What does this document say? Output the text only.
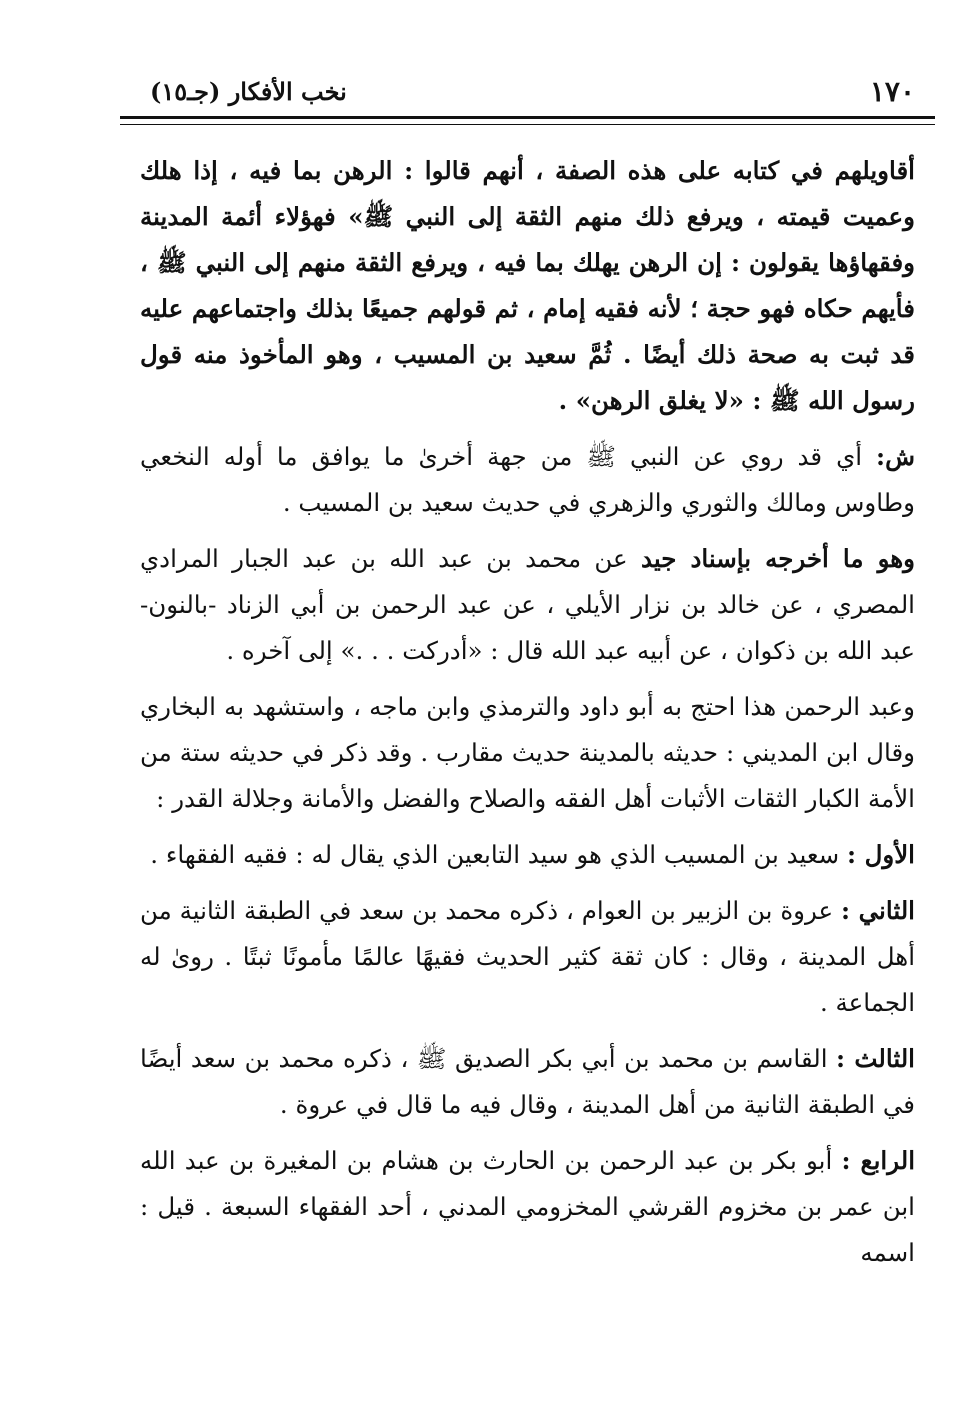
١٧٠
نخب الأفكار (جـ١٥)

أقاويلهم في كتابه على هذه الصفة ، أنهم قالوا : الرهن بما فيه ، إذا هلك وعميت قيمته ، ويرفع ذلك منهم الثقة إلى النبي ﷺ» فهؤلاء أئمة المدينة وفقهاؤها يقولون : إن الرهن يهلك بما فيه ، ويرفع الثقة منهم إلى النبي ﷺ ، فأيهم حكاه فهو حجة ؛ لأنه فقيه إمام ، ثم قولهم جميعًا بذلك واجتماعهم عليه قد ثبت به صحة ذلك أيضًا . ثُمَّ سعيد بن المسيب ، وهو المأخوذ منه قول رسول الله ﷺ : «لا يغلق الرهن» .

ش: أي قد روي عن النبي ﷺ من جهة أخرىٰ ما يوافق ما أوله النخعي وطاوس ومالك والثوري والزهري في حديث سعيد بن المسيب .

وهو ما أخرجه بإسناد جيد عن محمد بن عبد الله بن عبد الجبار المرادي المصري ، عن خالد بن نزار الأيلي ، عن عبد الرحمن بن أبي الزناد -بالنون- عبد الله بن ذكوان ، عن أبيه عبد الله قال : «أدركت . . .» إلى آخره .

وعبد الرحمن هذا احتج به أبو داود والترمذي وابن ماجه ، واستشهد به البخاري وقال ابن المديني : حديثه بالمدينة حديث مقارب . وقد ذكر في حديثه ستة من الأمة الكبار الثقات الأثبات أهل الفقه والصلاح والفضل والأمانة وجلالة القدر :

الأول : سعيد بن المسيب الذي هو سيد التابعين الذي يقال له : فقيه الفقهاء .

الثاني : عروة بن الزبير بن العوام ، ذكره محمد بن سعد في الطبقة الثانية من أهل المدينة ، وقال : كان ثقة كثير الحديث فقيهًا عالمًا مأمونًا ثبتًا . روىٰ له الجماعة .

الثالث : القاسم بن محمد بن أبي بكر الصديق ﷺ ، ذكره محمد بن سعد أيضًا في الطبقة الثانية من أهل المدينة ، وقال فيه ما قال في عروة .

الرابع : أبو بكر بن عبد الرحمن بن الحارث بن هشام بن المغيرة بن عبد الله ابن عمر بن مخزوم القرشي المخزومي المدني ، أحد الفقهاء السبعة . قيل : اسمه
